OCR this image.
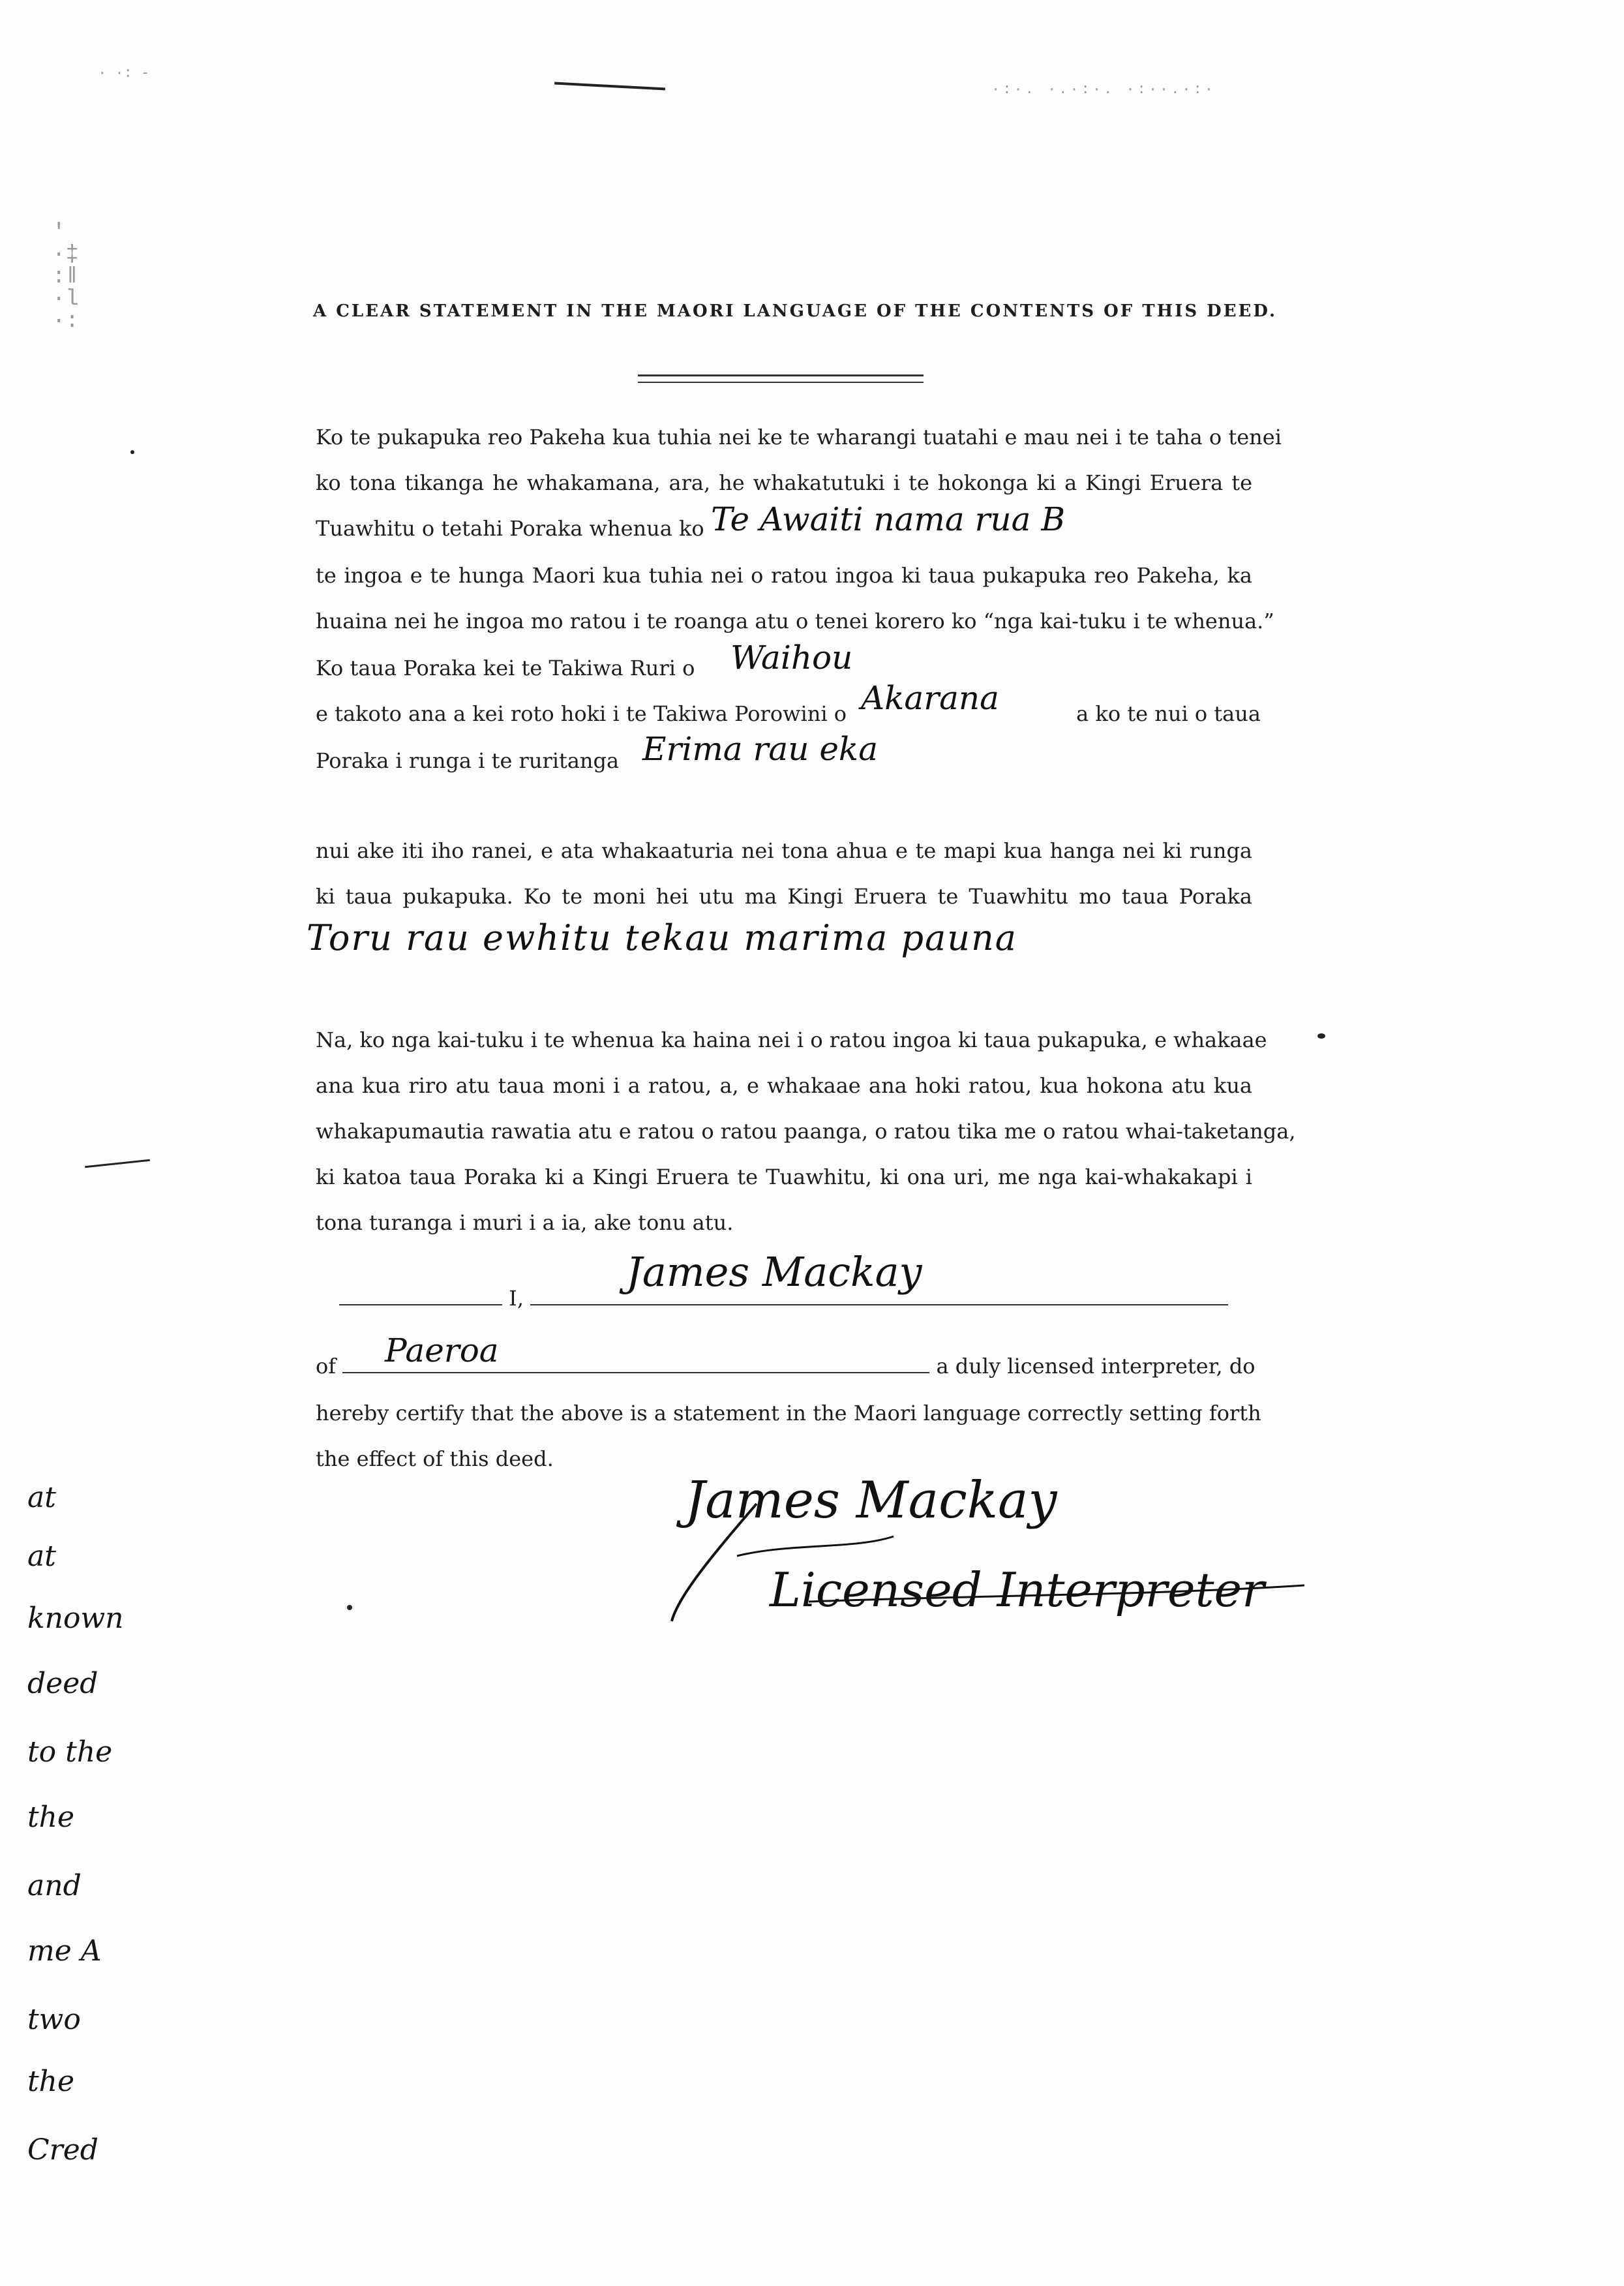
· ·: -
·:·. ·.·:·. ·:··.·:·
ʹ
·‡
:ǁ
·l
·:	A CLEAR STATEMENT IN THE MAORI LANGUAGE OF THE CONTENTS OF THIS DEED.
Ko te pukapuka reo Pakeha kua tuhia nei ke te wharangi tuatahi e mau nei i te taha o tenei
ko tona tikanga he whakamana, ara, he whakatutuki i te hokonga ki a Kingi Eruera te
Tuawhitu o tetahi Poraka whenua ko Te Awaiti nama rua B
te ingoa e te hunga Maori kua tuhia nei o ratou ingoa ki taua pukapuka reo Pakeha, ka
huaina nei he ingoa mo ratou i te roanga atu o tenei korero ko “nga kai-tuku i te whenua.”
Ko taua Poraka kei te Takiwa Ruri o Waihou
e takoto ana a kei roto hoki i te Takiwa Porowini o Akarana	a ko te nui o taua
Poraka i runga i te ruritanga Erima rau eka
nui ake iti iho ranei, e ata whakaaturia nei tona ahua e te mapi kua hanga nei ki runga
ki taua pukapuka. Ko te moni hei utu ma Kingi Eruera te Tuawhitu mo taua Poraka
Toru rau ewhitu tekau marima pauna
Na, ko nga kai-tuku i te whenua ka haina nei i o ratou ingoa ki taua pukapuka, e whakaae
ana kua riro atu taua moni i a ratou, a, e whakaae ana hoki ratou, kua hokona atu kua
whakapumautia rawatia atu e ratou o ratou paanga, o ratou tika me o ratou whai-taketanga,
ki katoa taua Poraka ki a Kingi Eruera te Tuawhitu, ki ona uri, me nga kai-whakakapi i
tona turanga i muri i a ia, ake tonu atu.
I,
James Mackay
of	a duly licensed interpreter, do
Paeroa
hereby certify that the above is a statement in the Maori language correctly setting forth
the effect of this deed.
James Mackay
Licensed Interpreter
at
at
known
deed
to the
the
and
me A
two
the
Cred
